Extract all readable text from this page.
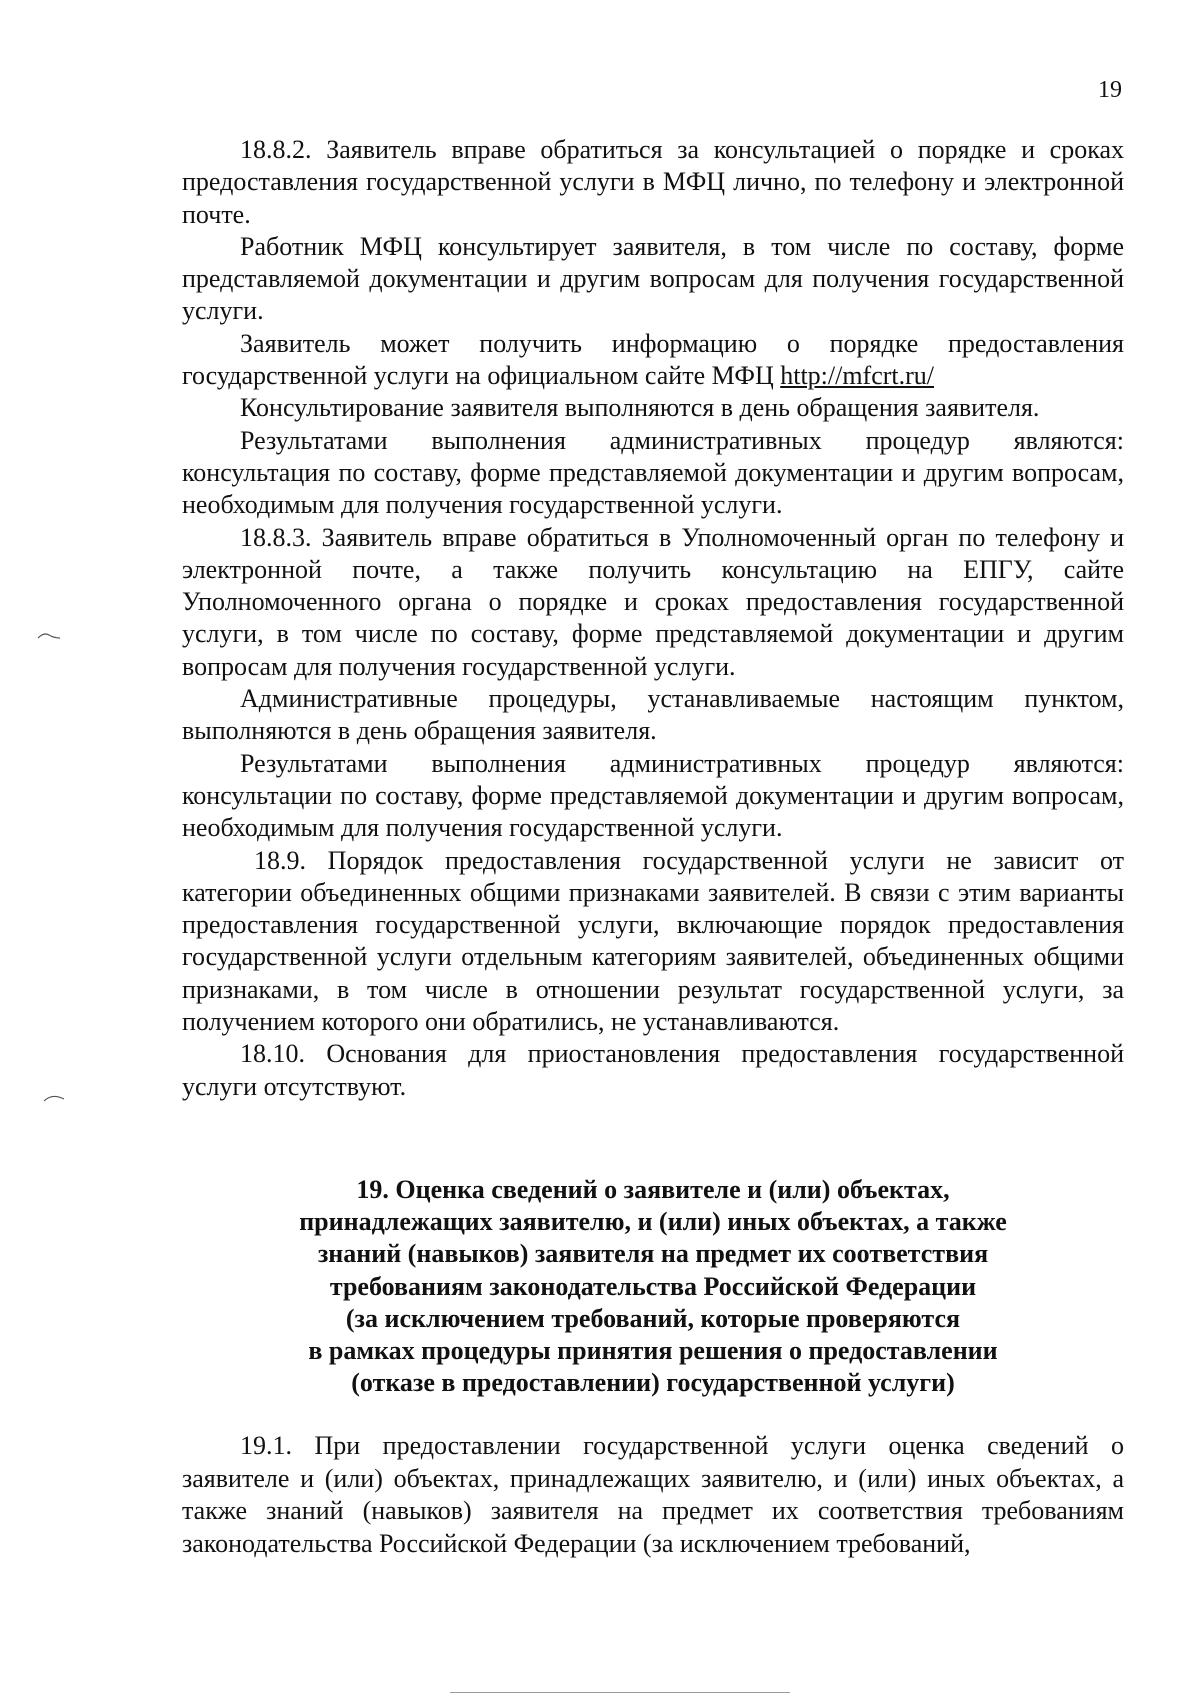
19

18.8.2. Заявитель вправе обратиться за консультацией о порядке и сроках предоставления государственной услуги в МФЦ лично, по телефону и электронной почте.

Работник МФЦ консультирует заявителя, в том числе по составу, форме представляемой документации и другим вопросам для получения государственной услуги.

Заявитель может получить информацию о порядке предоставления государственной услуги на официальном сайте МФЦ http://mfcrt.ru/

Консультирование заявителя выполняются в день обращения заявителя.

Результатами выполнения административных процедур являются: консультация по составу, форме представляемой документации и другим вопросам, необходимым для получения государственной услуги.

18.8.3. Заявитель вправе обратиться в Уполномоченный орган по телефону и электронной почте, а также получить консультацию на ЕПГУ, сайте Уполномоченного органа о порядке и сроках предоставления государственной услуги, в том числе по составу, форме представляемой документации и другим вопросам для получения государственной услуги.

Административные процедуры, устанавливаемые настоящим пунктом, выполняются в день обращения заявителя.

Результатами выполнения административных процедур являются: консультации по составу, форме представляемой документации и другим вопросам, необходимым для получения государственной услуги.

18.9. Порядок предоставления государственной услуги не зависит от категории объединенных общими признаками заявителей. В связи с этим варианты предоставления государственной услуги, включающие порядок предоставления государственной услуги отдельным категориям заявителей, объединенных общими признаками, в том числе в отношении результат государственной услуги, за получением которого они обратились, не устанавливаются.

18.10. Основания для приостановления предоставления государственной услуги отсутствуют.

19. Оценка сведений о заявителе и (или) объектах,
принадлежащих заявителю, и (или) иных объектах, а также
знаний (навыков) заявителя на предмет их соответствия
требованиям законодательства Российской Федерации
(за исключением требований, которые проверяются
в рамках процедуры принятия решения о предоставлении
(отказе в предоставлении) государственной услуги)

19.1. При предоставлении государственной услуги оценка сведений о заявителе и (или) объектах, принадлежащих заявителю, и (или) иных объектах, а также знаний (навыков) заявителя на предмет их соответствия требованиям законодательства Российской Федерации (за исключением требований,
